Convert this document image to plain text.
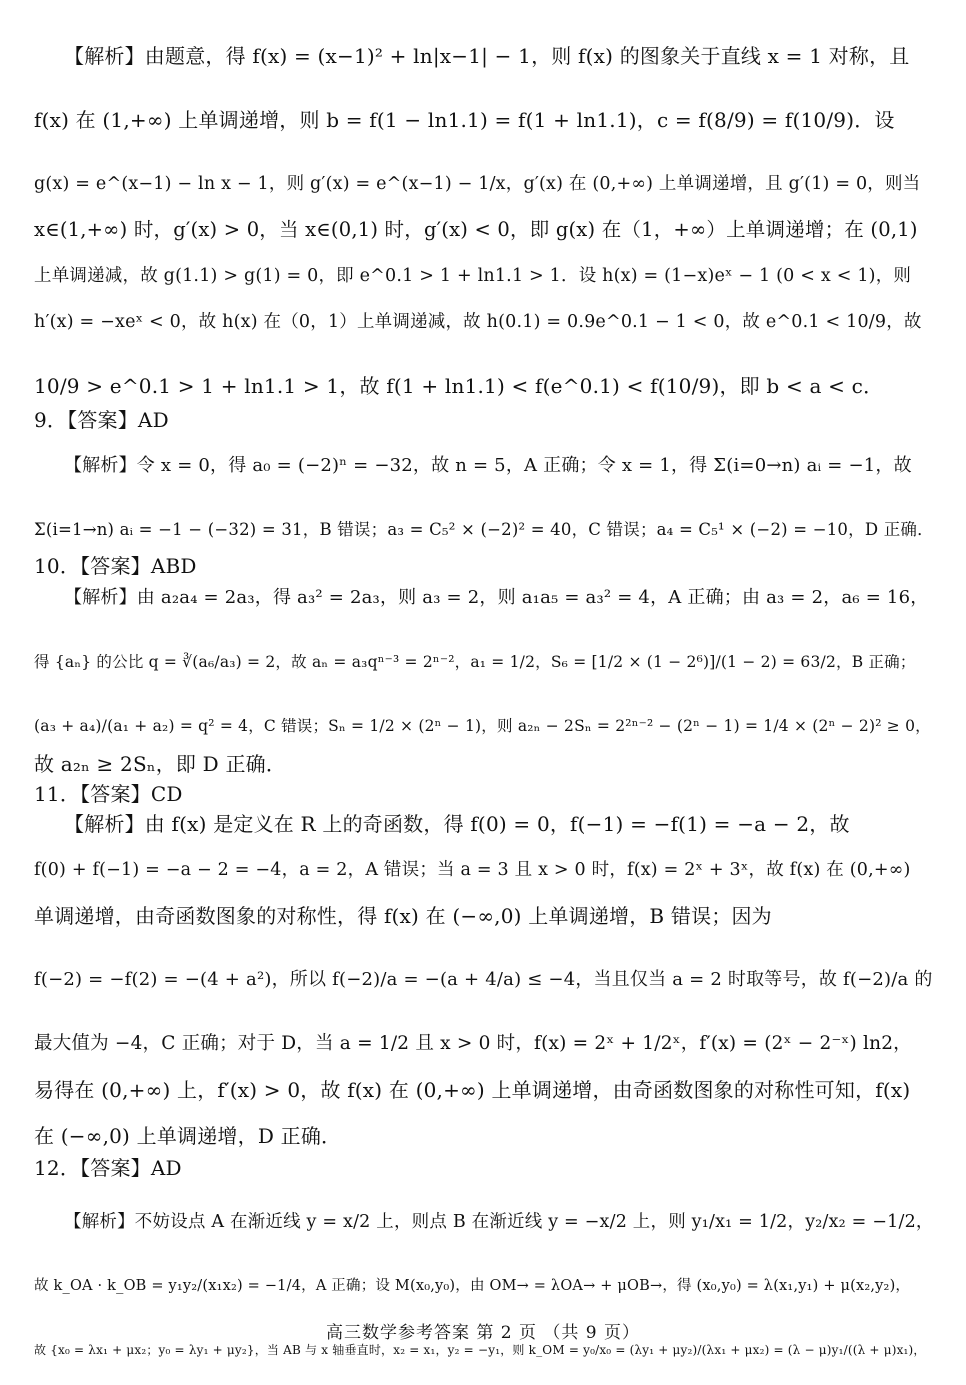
【解析】由题意，得 f(x) = (x−1)² + ln|x−1| − 1，则 f(x) 的图象关于直线 x = 1 对称，且
f(x) 在 (1,+∞) 上单调递增，则 b = f(1 − ln1.1) = f(1 + ln1.1)，c = f(8/9) = f(10/9)．设
g(x) = e^(x−1) − ln x − 1，则 g′(x) = e^(x−1) − 1/x，g′(x) 在 (0,+∞) 上单调递增，且 g′(1) = 0，则当
x∈(1,+∞) 时，g′(x) > 0，当 x∈(0,1) 时，g′(x) < 0，即 g(x) 在（1，+∞）上单调递增；在 (0,1)
上单调递减，故 g(1.1) > g(1) = 0，即 e^0.1 > 1 + ln1.1 > 1．设 h(x) = (1−x)eˣ − 1 (0 < x < 1)，则
h′(x) = −xeˣ < 0，故 h(x) 在（0，1）上单调递减，故 h(0.1) = 0.9e^0.1 − 1 < 0，故 e^0.1 < 10/9，故
10/9 > e^0.1 > 1 + ln1.1 > 1，故 f(1 + ln1.1) < f(e^0.1) < f(10/9)，即 b < a < c．
9．【答案】AD
【解析】令 x = 0，得 a₀ = (−2)ⁿ = −32，故 n = 5，A 正确；令 x = 1，得 Σ(i=0→n) aᵢ = −1，故
Σ(i=1→n) aᵢ = −1 − (−32) = 31，B 错误；a₃ = C₅² × (−2)² = 40，C 错误；a₄ = C₅¹ × (−2) = −10，D 正确．
10．【答案】ABD
【解析】由 a₂a₄ = 2a₃，得 a₃² = 2a₃，则 a₃ = 2，则 a₁a₅ = a₃² = 4，A 正确；由 a₃ = 2，a₆ = 16，
得 {aₙ} 的公比 q = ∛(a₆/a₃) = 2，故 aₙ = a₃qⁿ⁻³ = 2ⁿ⁻²，a₁ = 1/2，S₆ = [1/2 × (1 − 2⁶)]/(1 − 2) = 63/2，B 正确；
(a₃ + a₄)/(a₁ + a₂) = q² = 4，C 错误；Sₙ = 1/2 × (2ⁿ − 1)，则 a₂ₙ − 2Sₙ = 2²ⁿ⁻² − (2ⁿ − 1) = 1/4 × (2ⁿ − 2)² ≥ 0，
故 a₂ₙ ≥ 2Sₙ，即 D 正确．
11．【答案】CD
【解析】由 f(x) 是定义在 R 上的奇函数，得 f(0) = 0，f(−1) = −f(1) = −a − 2，故
f(0) + f(−1) = −a − 2 = −4，a = 2，A 错误；当 a = 3 且 x > 0 时，f(x) = 2ˣ + 3ˣ，故 f(x) 在 (0,+∞)
单调递增，由奇函数图象的对称性，得 f(x) 在 (−∞,0) 上单调递增，B 错误；因为
f(−2) = −f(2) = −(4 + a²)，所以 f(−2)/a = −(a + 4/a) ≤ −4，当且仅当 a = 2 时取等号，故 f(−2)/a 的
最大值为 −4，C 正确；对于 D，当 a = 1/2 且 x > 0 时，f(x) = 2ˣ + 1/2ˣ，f′(x) = (2ˣ − 2⁻ˣ) ln2，
易得在 (0,+∞) 上，f′(x) > 0，故 f(x) 在 (0,+∞) 上单调递增，由奇函数图象的对称性可知，f(x)
在 (−∞,0) 上单调递增，D 正确．
12．【答案】AD
【解析】不妨设点 A 在渐近线 y = x/2 上，则点 B 在渐近线 y = −x/2 上，则 y₁/x₁ = 1/2，y₂/x₂ = −1/2，
故 k_OA · k_OB = y₁y₂/(x₁x₂) = −1/4，A 正确；设 M(x₀,y₀)，由 OM→ = λOA→ + μOB→，得 (x₀,y₀) = λ(x₁,y₁) + μ(x₂,y₂)，
故 {x₀ = λx₁ + μx₂；y₀ = λy₁ + μy₂}，当 AB 与 x 轴垂直时，x₂ = x₁，y₂ = −y₁，则 k_OM = y₀/x₀ = (λy₁ + μy₂)/(λx₁ + μx₂) = (λ − μ)y₁/((λ + μ)x₁)，
高三数学参考答案 第 2 页 （共 9 页）
